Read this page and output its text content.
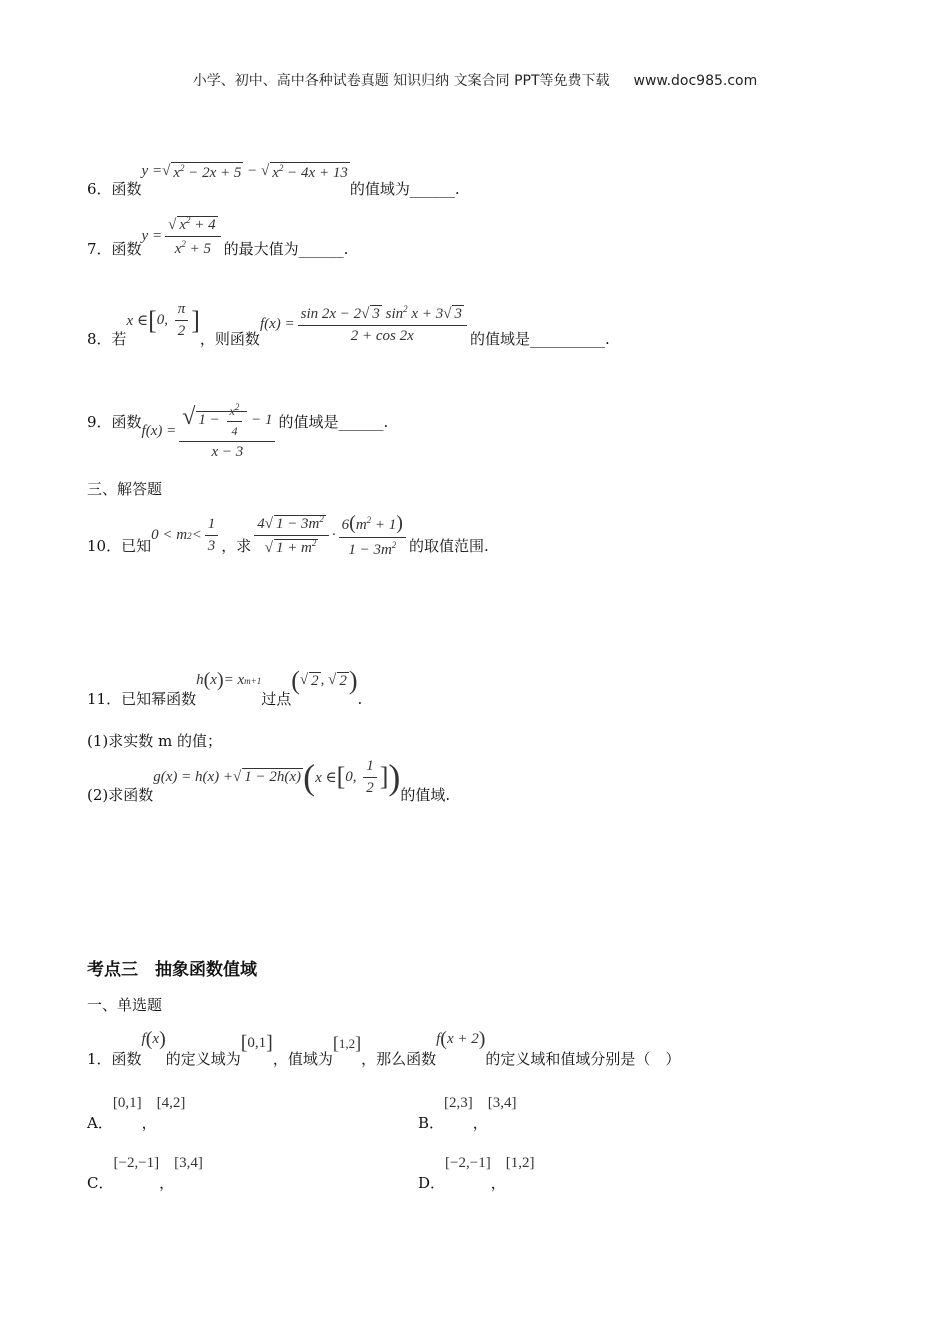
小学、初中、高中各种试卷真题 知识归纳 文案合同 PPT等免费下载 www.doc985.com
6．函数
y = √ $x^2 - 2x + 5$ − √ $x^2 - 4x + 13$
的值域为______.
7．函数
$y = \frac{√ x^2 + 4}{x^2 + 5}$ 的最大值为______.
8．若
x ∈ [ 0, $\frac{\pi}{2}$ ]
，则函数
$f(x) = \frac{\sin 2x - 2√ 3 \sin^2 x + 3√ 3}{2 + \cos 2x}$ 的值域是__________.
9．函数 $f(x) = \frac{√ 1 - \frac{x^2}{4} - 1}{x - 3}$ 的值域是______.
三、解答题
10．已知
0 < m $2 < \frac{1}{3}$ ，求 $\frac{4√ 1 - 3m^2}{√ 1 + m^2} \cdot \frac{6(m^2 + 1)}{1 - 3m^2}$ 的取值范围.
11．已知幂函数
h ( x ) = x m+1
过点
( √ 2 , √ 2 )
.
(1)求实数 m 的值；
(2)求函数
g(x) = h(x) + √ 1 − 2h(x) ( x ∈ [ 0, $\frac{1}{2}$ ] ) 的值域.
考点三　抽象函数值域
一、单选题
1．函数
f ( x )
的定义域为
[ 0,1 ]
，值域为
[ 1,2 ]
，那么函数
f ( x + 2 )
的定义域和值域分别是（　）
A．
[0,1]
，
[4,2]
B．
[2,3]
，
[3,4]
C．
[−2,−1]
，
[3,4]
D．
[−2,−1]
，
[1,2]
